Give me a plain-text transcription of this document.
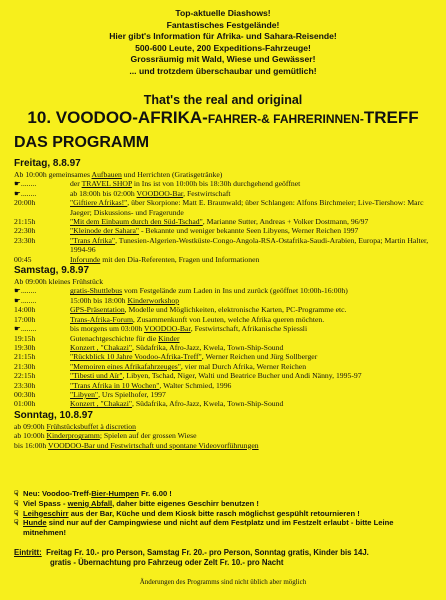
Top-aktuelle Diashows!
Fantastisches Festgelände!
Hier gibt's Information für Afrika- und Sahara-Reisende!
500-600 Leute, 200 Expeditions-Fahrzeuge!
Grossräumig mit Wald, Wiese und Gewässer!
... und trotzdem überschaubar und gemütlich!
That's the real and original
10. VOODOO-AFRIKA-FAHRER-& FAHRERINNEN-TREFF
DAS PROGRAMM
Freitag, 8.8.97
Ab 10:00h gemeinsames Aufbauen und Herrichten (Gratisgetränke)
☛........	der TRAVEL SHOP in Ins ist von 10:00h bis 18:30h durchgehend geöffnet
☛........	ab 18:00h bis 02:00h VOODOO-Bar, Festwirtschaft
20:00h	"Giftiere Afrikas!", über Skorpione: Matt E. Braunwald; über Schlangen: Alfons Birchmeier; Live-Tiershow: Marc Jaeger; Diskussions- und Fragerunde
21:15h	"Mit dem Einbaum durch den Süd-Tschad", Marianne Sutter, Andreas + Volker Dostmann, 96/97
22:30h	"Kleinode der Sahara" - Bekannte und weniger bekannte Seen Libyens, Werner Reichen 1997
23:30h	"Trans Afrika", Tunesien-Algerien-Westküste-Congo-Angola-RSA-Ostafrika-Saudi-Arabien, Europa; Martin Halter, 1994-96
00:45	Inforunde mit den Dia-Referenten, Fragen und Informationen
Samstag, 9.8.97
Ab 09:00h kleines Frühstück
☛........	gratis-Shuttlebus vom Festgelände zum Laden in Ins und zurück (geöffnet 10:00h-16:00h)
☛........	15:00h bis 18:00h Kinderworkshop
14:00h	GPS-Präsentation, Modelle und Möglichkeiten, elektronische Karten, PC-Programme etc.
17:00h	Trans-Afrika-Forum, Zusammenkunft von Leuten, welche Afrika queren möchten.
☛........	bis morgens um 03:00h VOODOO-Bar, Festwirtschaft, Afrikanische Spiessli
19:15h	Gutenachtgeschichte für die Kinder
19:30h	Konzert , "Chakazi", Südafrika, Afro-Jazz, Kwela, Town-Ship-Sound
21:15h	"Rückblick 10 Jahre Voodoo-Afrika-Treff", Werner Reichen und Jürg Sollberger
21:30h	"Memoiren eines Afrikafahrzeuges", vier mal Durch Afrika, Werner Reichen
22:15h	"Tibesti und Aïr", Libyen, Tschad, Niger, Walti und Beatrice Bucher und Andi Nänny, 1995-97
23:30h	"Trans Afrika in 10 Wochen", Walter Schmied, 1996
00:30h	"Libyen", Urs Spielhofer, 1997
01:00h	Konzert , "Chakazi", Südafrika, Afro-Jazz, Kwela, Town-Ship-Sound
Sonntag, 10.8.97
ab 09:00h Frühstücksbuffet à discretion
ab 10:00h Kinderprogramm; Spielen auf der grossen Wiese
bis 16:00h VOODOO-Bar und Festwirtschaft und spontane Videovorführungen
☟ Neu: Voodoo-Treff-Bier-Humpen Fr. 6.00 !
☟ Viel Spass - wenig Abfall, daher bitte eigenes Geschirr benutzen !
☟ Leihgeschirr aus der Bar, Küche und dem Kiosk bitte rasch möglichst gespühlt retournieren !
☟ Hunde sind nur auf der Campingwiese und nicht auf dem Festplatz und im Festzelt erlaubt - bitte Leine mitnehmen!
Eintritt: Freitag Fr. 10.- pro Person, Samstag Fr. 20.- pro Person, Sonntag gratis, Kinder bis 14J.
gratis - Übernachtung pro Fahrzeug oder Zelt Fr. 10.- pro Nacht
Änderungen des Programms sind nicht üblich aber möglich
